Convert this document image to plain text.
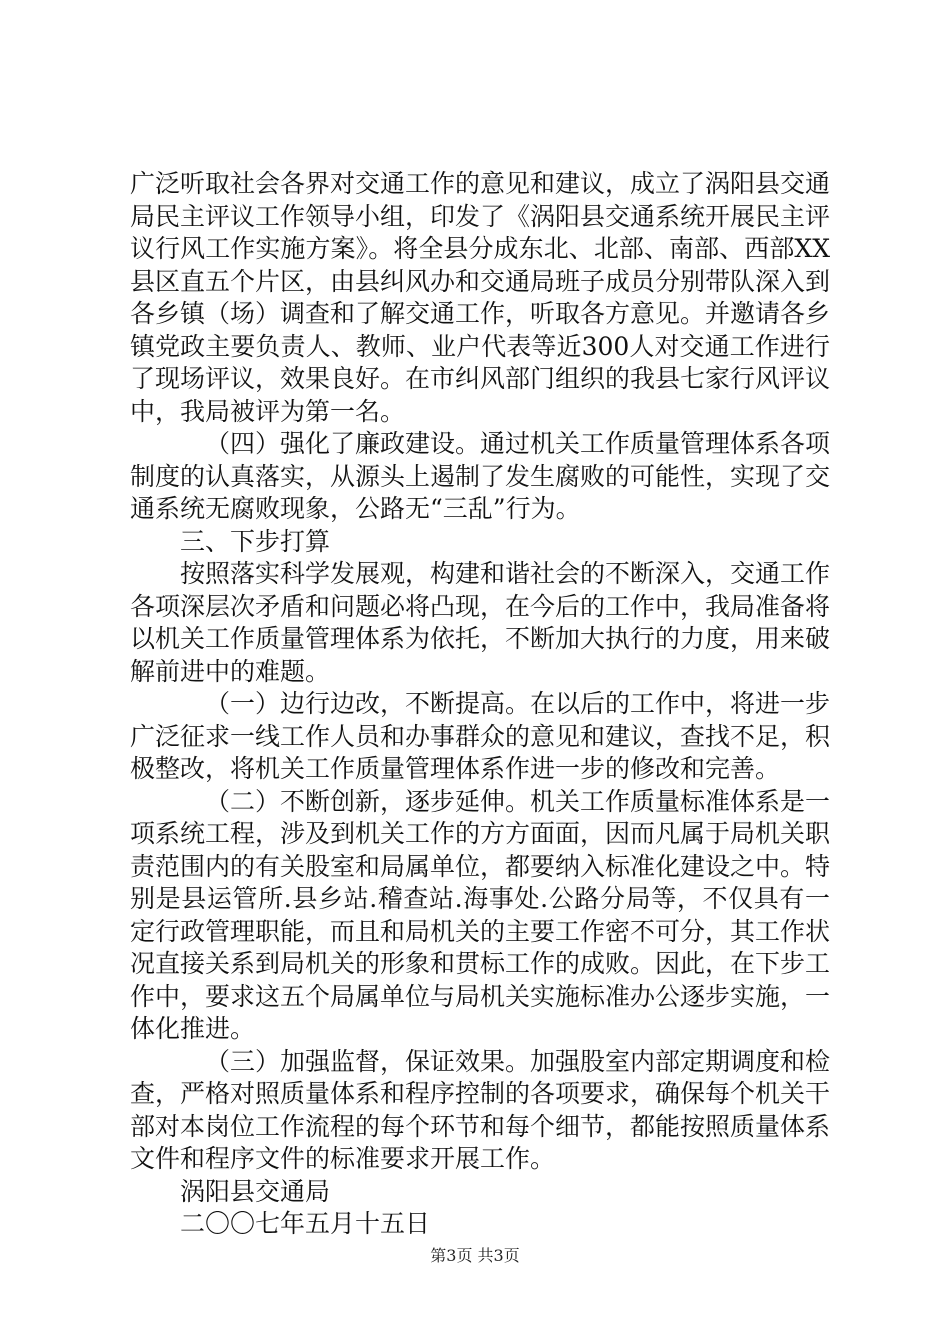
广泛听取社会各界对交通工作的意见和建议，成立了涡阳县交通局民主评议工作领导小组，印发了《涡阳县交通系统开展民主评议行风工作实施方案》。将全县分成东北、北部、南部、西部XX县区直五个片区，由县纠风办和交通局班子成员分别带队深入到各乡镇（场）调查和了解交通工作，听取各方意见。并邀请各乡镇党政主要负责人、教师、业户代表等近300人对交通工作进行了现场评议，效果良好。在市纠风部门组织的我县七家行风评议中，我局被评为第一名。

（四）强化了廉政建设。通过机关工作质量管理体系各项制度的认真落实，从源头上遏制了发生腐败的可能性，实现了交通系统无腐败现象，公路无“三乱”行为。

三、下步打算

按照落实科学发展观，构建和谐社会的不断深入，交通工作各项深层次矛盾和问题必将凸现，在今后的工作中，我局准备将以机关工作质量管理体系为依托，不断加大执行的力度，用来破解前进中的难题。

（一）边行边改，不断提高。在以后的工作中，将进一步广泛征求一线工作人员和办事群众的意见和建议，查找不足，积极整改，将机关工作质量管理体系作进一步的修改和完善。

（二）不断创新，逐步延伸。机关工作质量标准体系是一项系统工程，涉及到机关工作的方方面面，因而凡属于局机关职责范围内的有关股室和局属单位，都要纳入标准化建设之中。特别是县运管所.县乡站.稽查站.海事处.公路分局等，不仅具有一定行政管理职能，而且和局机关的主要工作密不可分，其工作状况直接关系到局机关的形象和贯标工作的成败。因此，在下步工作中，要求这五个局属单位与局机关实施标准办公逐步实施，一体化推进。

（三）加强监督，保证效果。加强股室内部定期调度和检查，严格对照质量体系和程序控制的各项要求，确保每个机关干部对本岗位工作流程的每个环节和每个细节，都能按照质量体系文件和程序文件的标准要求开展工作。

涡阳县交通局

二〇〇七年五月十五日

第3页 共3页
